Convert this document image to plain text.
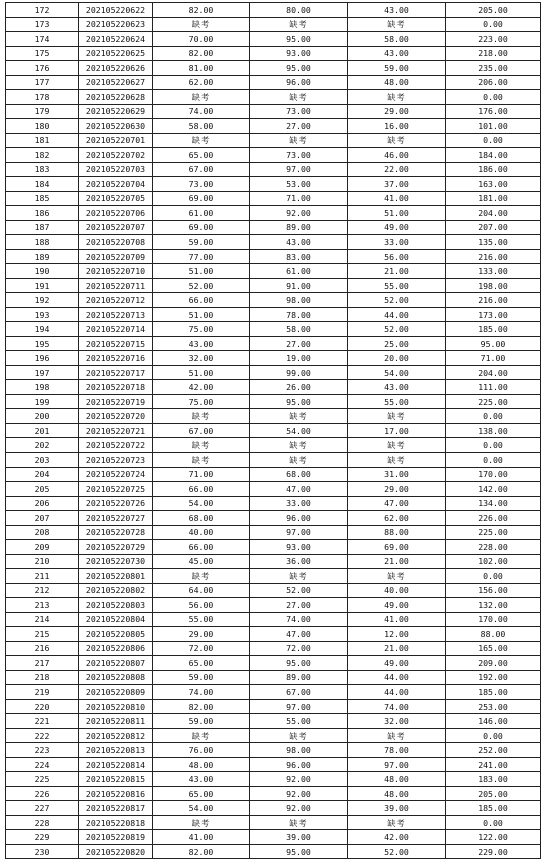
172	202105220622	82.00	80.00	43.00	205.00
173	202105220623	缺考	缺考	缺考	0.00
174	202105220624	70.00	95.00	58.00	223.00
175	202105220625	82.00	93.00	43.00	218.00
176	202105220626	81.00	95.00	59.00	235.00
177	202105220627	62.00	96.00	48.00	206.00
178	202105220628	缺考	缺考	缺考	0.00
179	202105220629	74.00	73.00	29.00	176.00
180	202105220630	58.00	27.00	16.00	101.00
181	202105220701	缺考	缺考	缺考	0.00
182	202105220702	65.00	73.00	46.00	184.00
183	202105220703	67.00	97.00	22.00	186.00
184	202105220704	73.00	53.00	37.00	163.00
185	202105220705	69.00	71.00	41.00	181.00
186	202105220706	61.00	92.00	51.00	204.00
187	202105220707	69.00	89.00	49.00	207.00
188	202105220708	59.00	43.00	33.00	135.00
189	202105220709	77.00	83.00	56.00	216.00
190	202105220710	51.00	61.00	21.00	133.00
191	202105220711	52.00	91.00	55.00	198.00
192	202105220712	66.00	98.00	52.00	216.00
193	202105220713	51.00	78.00	44.00	173.00
194	202105220714	75.00	58.00	52.00	185.00
195	202105220715	43.00	27.00	25.00	95.00
196	202105220716	32.00	19.00	20.00	71.00
197	202105220717	51.00	99.00	54.00	204.00
198	202105220718	42.00	26.00	43.00	111.00
199	202105220719	75.00	95.00	55.00	225.00
200	202105220720	缺考	缺考	缺考	0.00
201	202105220721	67.00	54.00	17.00	138.00
202	202105220722	缺考	缺考	缺考	0.00
203	202105220723	缺考	缺考	缺考	0.00
204	202105220724	71.00	68.00	31.00	170.00
205	202105220725	66.00	47.00	29.00	142.00
206	202105220726	54.00	33.00	47.00	134.00
207	202105220727	68.00	96.00	62.00	226.00
208	202105220728	40.00	97.00	88.00	225.00
209	202105220729	66.00	93.00	69.00	228.00
210	202105220730	45.00	36.00	21.00	102.00
211	202105220801	缺考	缺考	缺考	0.00
212	202105220802	64.00	52.00	40.00	156.00
213	202105220803	56.00	27.00	49.00	132.00
214	202105220804	55.00	74.00	41.00	170.00
215	202105220805	29.00	47.00	12.00	88.00
216	202105220806	72.00	72.00	21.00	165.00
217	202105220807	65.00	95.00	49.00	209.00
218	202105220808	59.00	89.00	44.00	192.00
219	202105220809	74.00	67.00	44.00	185.00
220	202105220810	82.00	97.00	74.00	253.00
221	202105220811	59.00	55.00	32.00	146.00
222	202105220812	缺考	缺考	缺考	0.00
223	202105220813	76.00	98.00	78.00	252.00
224	202105220814	48.00	96.00	97.00	241.00
225	202105220815	43.00	92.00	48.00	183.00
226	202105220816	65.00	92.00	48.00	205.00
227	202105220817	54.00	92.00	39.00	185.00
228	202105220818	缺考	缺考	缺考	0.00
229	202105220819	41.00	39.00	42.00	122.00
230	202105220820	82.00	95.00	52.00	229.00
